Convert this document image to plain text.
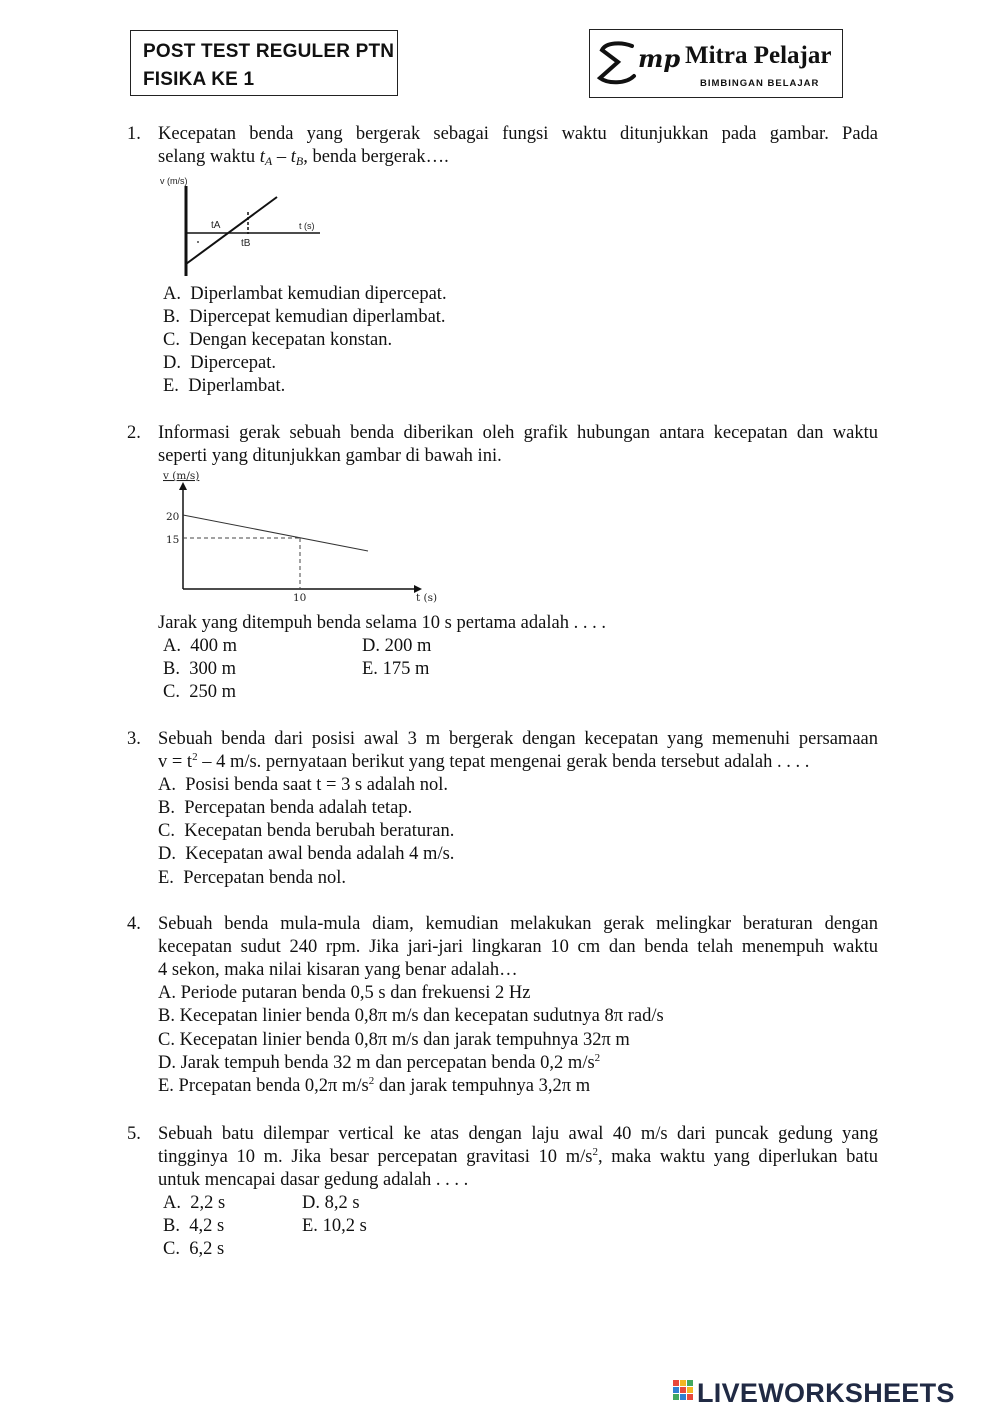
POST TEST REGULER PTN
FISIKA KE 1
mp Mitra Pelajar
BIMBINGAN BELAJAR
1. Kecepatan benda yang bergerak sebagai fungsi waktu ditunjukkan pada gambar. Pada
selang waktu $t_A - t_B$, benda bergerak….
v (m/s)
tA
tB
t (s)
A. Diperlambat kemudian dipercepat.
B. Dipercepat kemudian diperlambat.
C. Dengan kecepatan konstan.
D. Dipercepat.
E. Diperlambat.
2. Informasi gerak sebuah benda diberikan oleh grafik hubungan antara kecepatan dan waktu
seperti yang ditunjukkan gambar di bawah ini.
v (m/s)
20
15
10	t (s)
Jarak yang ditempuh benda selama 10 s pertama adalah . . . .
A. 400 m
B. 300 m
C. 250 m
D. 200 m
E. 175 m
3. Sebuah benda dari posisi awal 3 m bergerak dengan kecepatan yang memenuhi persamaan
$v = t^2 - 4$ m/s. pernyataan berikut yang tepat mengenai gerak benda tersebut adalah . . . .
A. Posisi benda saat t = 3 s adalah nol.
B. Percepatan benda adalah tetap.
C. Kecepatan benda berubah beraturan.
D. Kecepatan awal benda adalah 4 m/s.
E. Percepatan benda nol.
4. Sebuah benda mula-mula diam, kemudian melakukan gerak melingkar beraturan dengan
kecepatan sudut 240 rpm. Jika jari-jari lingkaran 10 cm dan benda telah menempuh waktu
4 sekon, maka nilai kisaran yang benar adalah…
A. Periode putaran benda 0,5 s dan frekuensi 2 Hz
B. Kecepatan linier benda 0,8π m/s dan kecepatan sudutnya 8π rad/s
C. Kecepatan linier benda 0,8π m/s dan jarak tempuhnya 32π m
D. Jarak tempuh benda 32 m dan percepatan benda 0,2 $m/s^2$
E. Prcepatan benda 0,2π $m/s^2$ dan jarak tempuhnya 3,2π m
5. Sebuah batu dilempar vertical ke atas dengan laju awal 40 m/s dari puncak gedung yang
tingginya 10 m. Jika besar percepatan gravitasi 10 $m/s^2$, maka waktu yang diperlukan batu
untuk mencapai dasar gedung adalah . . . .
A. 2,2 s
B. 4,2 s
C. 6,2 s
D. 8,2 s
E. 10,2 s
LIVEWORKSHEETS
